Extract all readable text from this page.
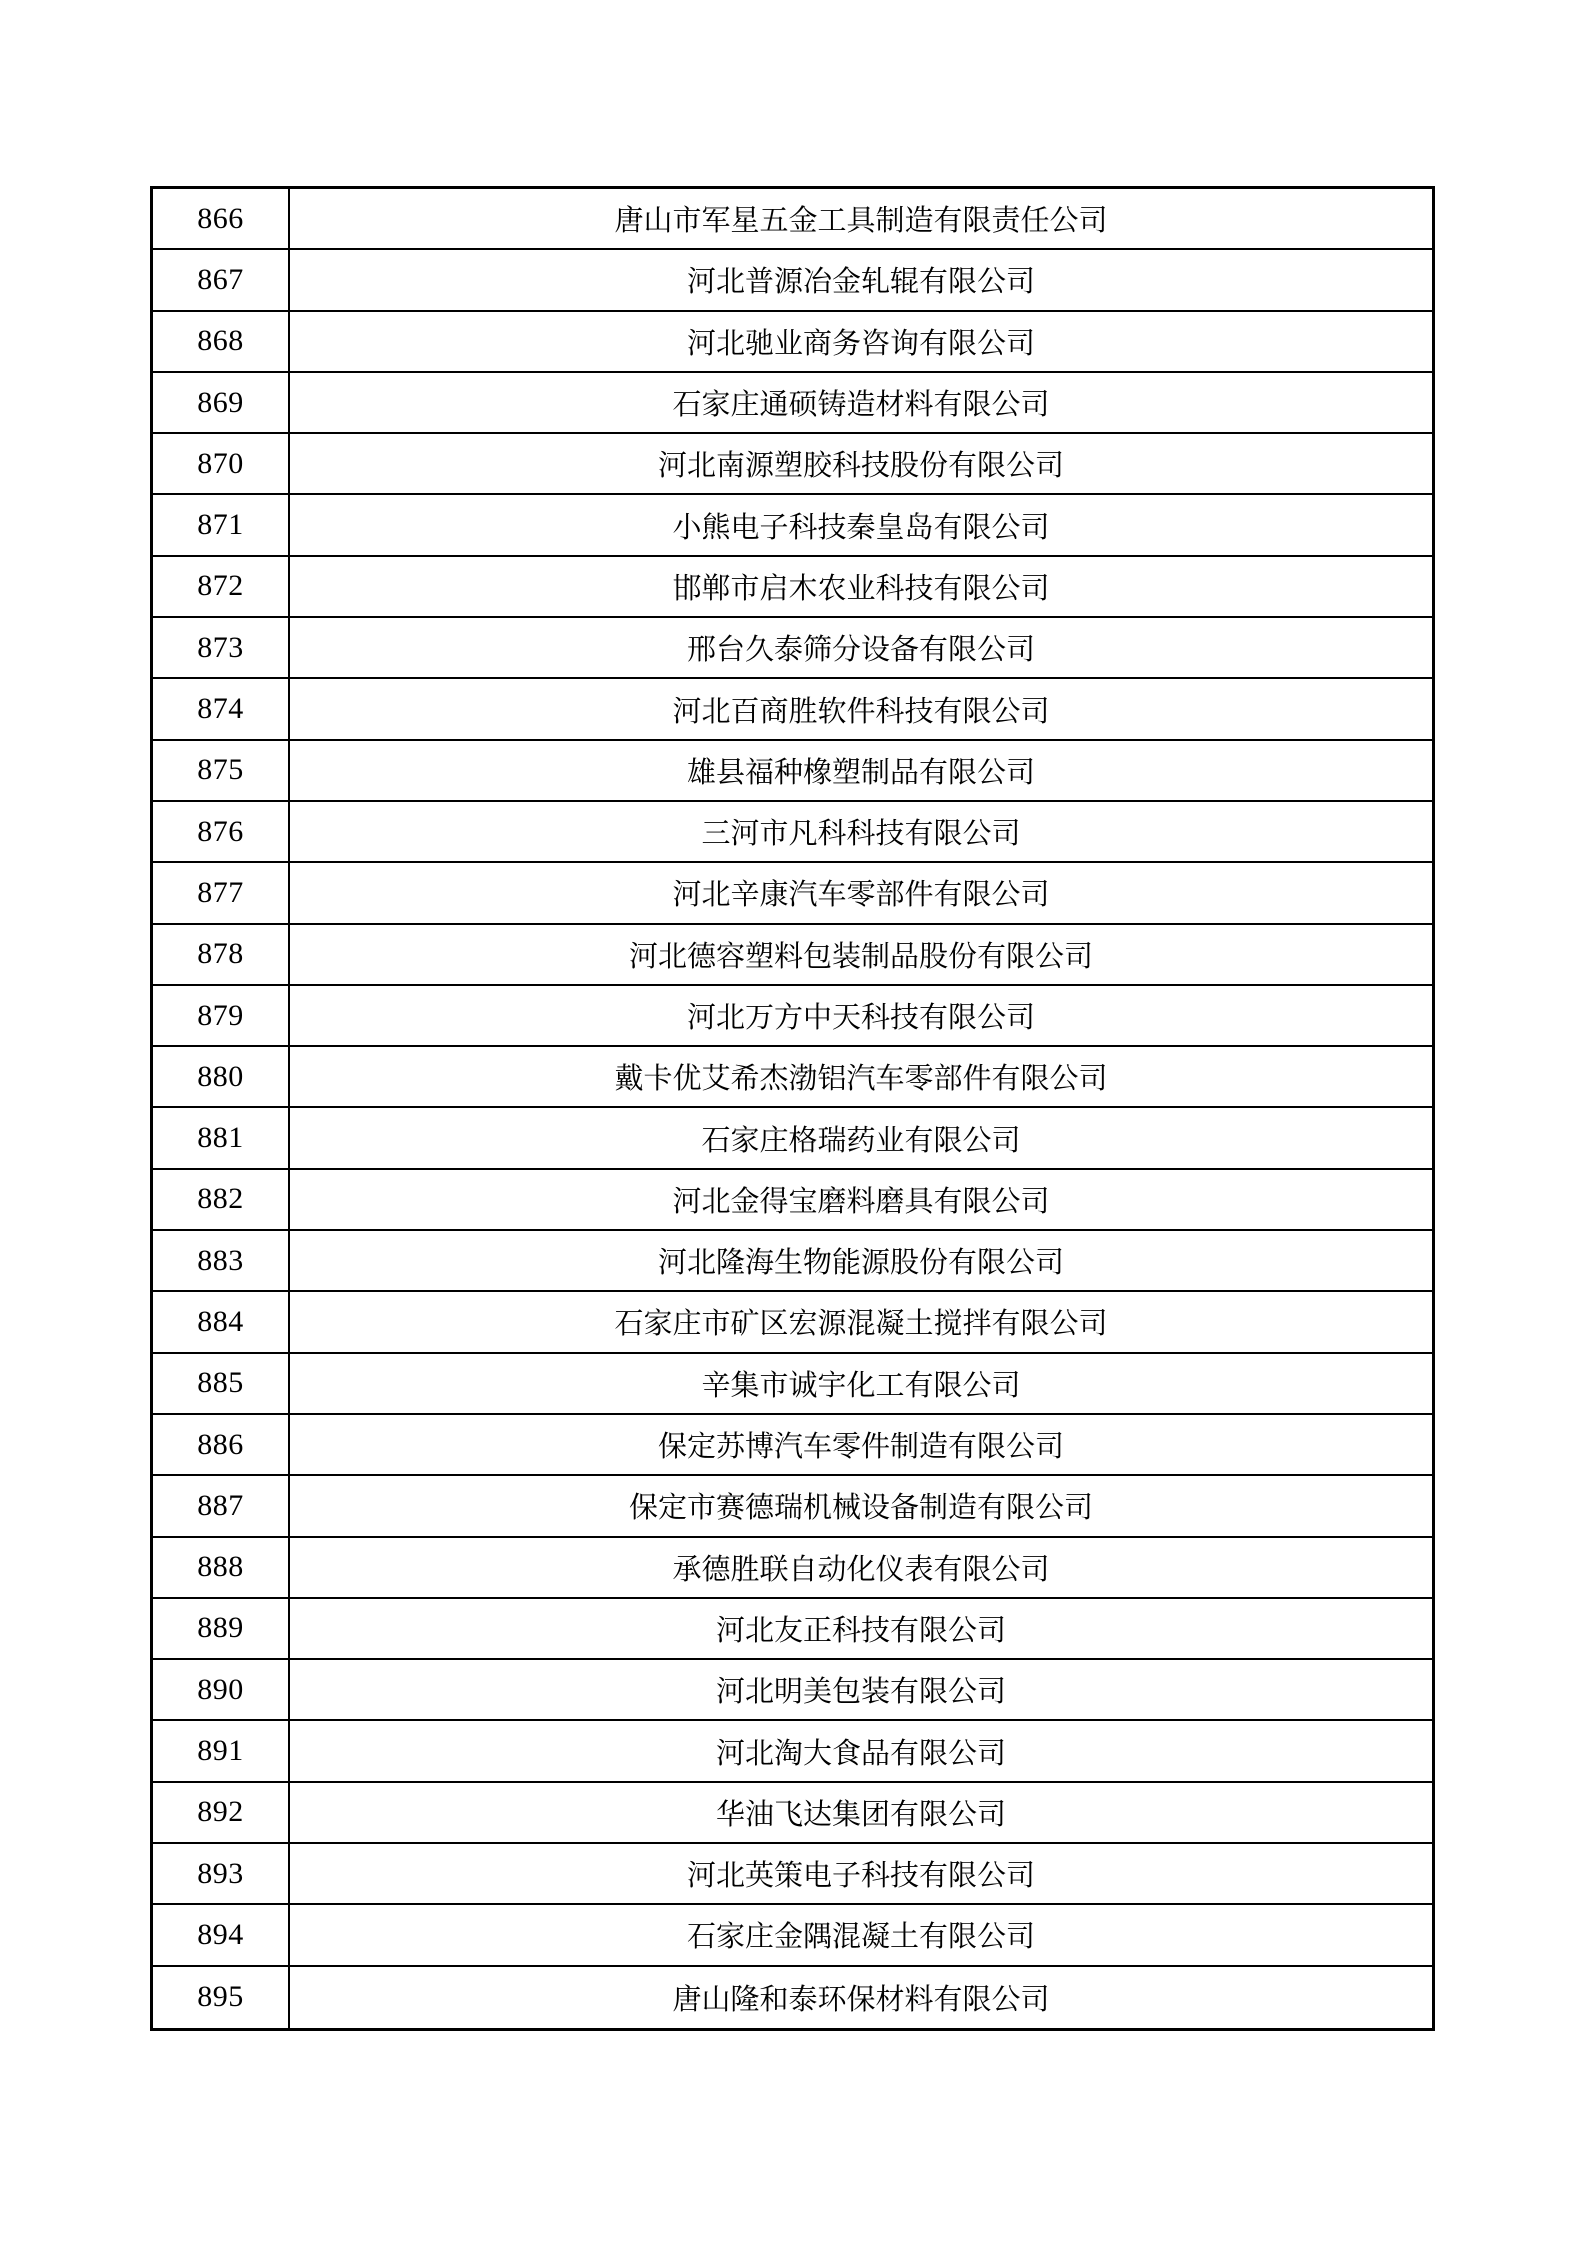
866	唐山市军星五金工具制造有限责任公司
867	河北普源冶金轧辊有限公司
868	河北驰业商务咨询有限公司
869	石家庄通硕铸造材料有限公司
870	河北南源塑胶科技股份有限公司
871	小熊电子科技秦皇岛有限公司
872	邯郸市启木农业科技有限公司
873	邢台久泰筛分设备有限公司
874	河北百商胜软件科技有限公司
875	雄县福种橡塑制品有限公司
876	三河市凡科科技有限公司
877	河北辛康汽车零部件有限公司
878	河北德容塑料包装制品股份有限公司
879	河北万方中天科技有限公司
880	戴卡优艾希杰渤铝汽车零部件有限公司
881	石家庄格瑞药业有限公司
882	河北金得宝磨料磨具有限公司
883	河北隆海生物能源股份有限公司
884	石家庄市矿区宏源混凝土搅拌有限公司
885	辛集市诚宇化工有限公司
886	保定苏博汽车零件制造有限公司
887	保定市赛德瑞机械设备制造有限公司
888	承德胜联自动化仪表有限公司
889	河北友正科技有限公司
890	河北明美包装有限公司
891	河北淘大食品有限公司
892	华油飞达集团有限公司
893	河北英策电子科技有限公司
894	石家庄金隅混凝土有限公司
895	唐山隆和泰环保材料有限公司
